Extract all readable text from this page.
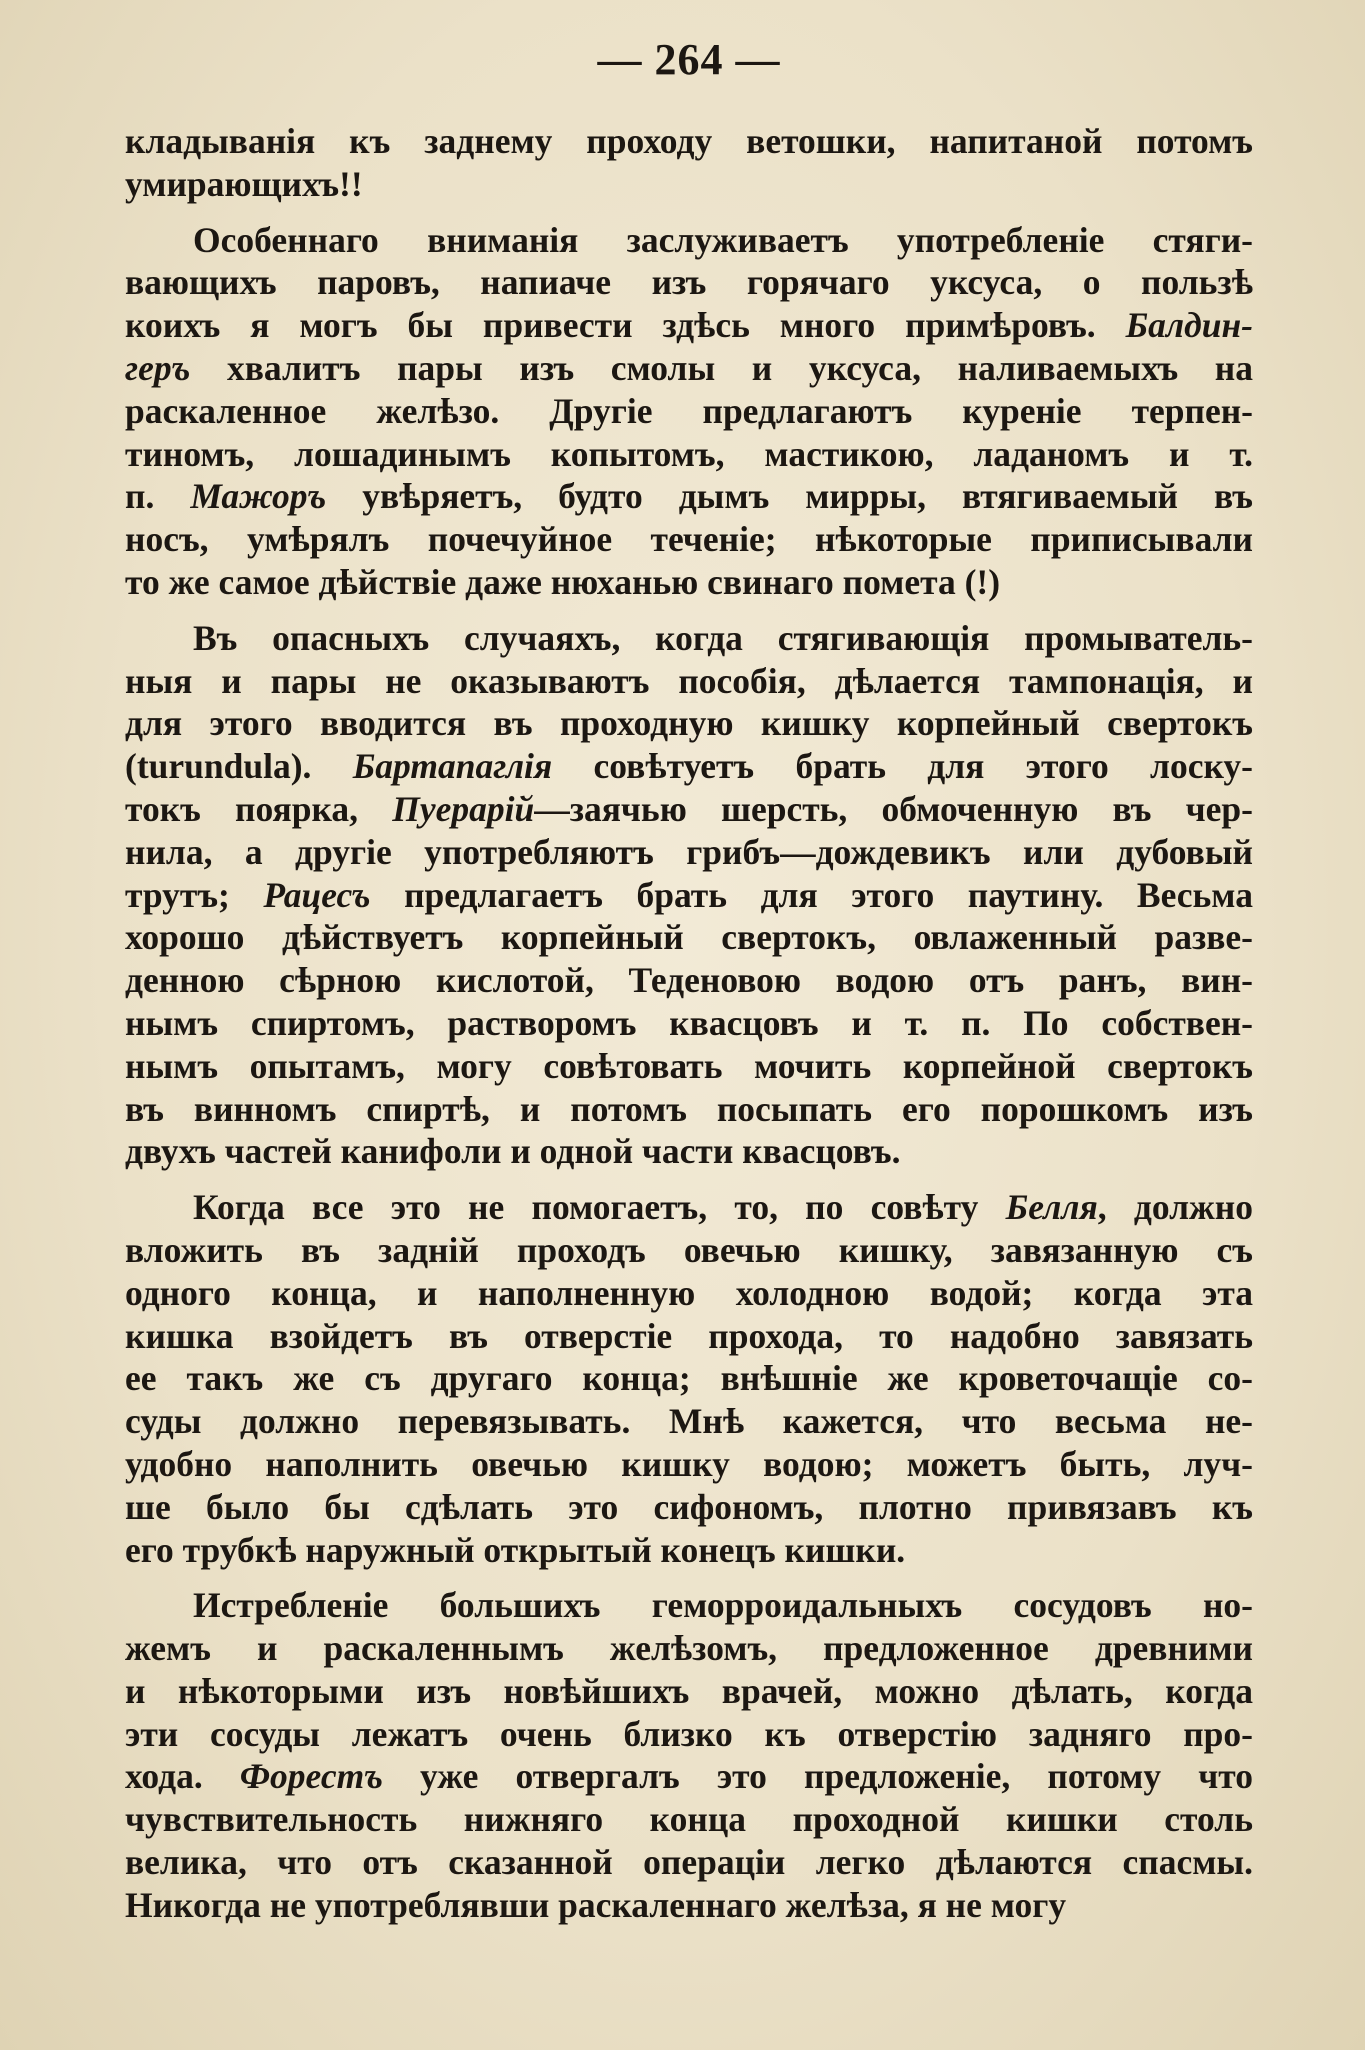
— 264 —
кладыванія къ заднему проходу ветошки, напитаной потомъ
умирающихъ!!
Особеннаго вниманія заслуживаетъ употребленіе стяги-
вающихъ паровъ, напиаче изъ горячаго уксуса, о пользѣ
коихъ я могъ бы привести здѣсь много примѣровъ. Балдин-
геръ хвалитъ пары изъ смолы и уксуса, наливаемыхъ на
раскаленное желѣзо. Другіе предлагаютъ куреніе терпен-
тиномъ, лошадинымъ копытомъ, мастикою, ладаномъ и т.
п. Мажоръ увѣряетъ, будто дымъ мирры, втягиваемый въ
носъ, умѣрялъ почечуйное теченіе; нѣкоторые приписывали
то же самое дѣйствіе даже нюханью свинаго помета (!)
Въ опасныхъ случаяхъ, когда стягивающія промыватель-
ныя и пары не оказываютъ пособія, дѣлается тампонація, и
для этого вводится въ проходную кишку корпейный свертокъ
(turundula). Бартапаглія совѣтуетъ брать для этого лоску-
токъ поярка, Пуерарій—заячью шерсть, обмоченную въ чер-
нила, а другіе употребляютъ грибъ—дождевикъ или дубовый
трутъ; Рацесъ предлагаетъ брать для этого паутину. Весьма
хорошо дѣйствуетъ корпейный свертокъ, овлаженный разве-
денною сѣрною кислотой, Теденовою водою отъ ранъ, вин-
нымъ спиртомъ, растворомъ квасцовъ и т. п. По собствен-
нымъ опытамъ, могу совѣтовать мочить корпейной свертокъ
въ винномъ спиртѣ, и потомъ посыпать его порошкомъ изъ
двухъ частей канифоли и одной части квасцовъ.
Когда все это не помогаетъ, то, по совѣту Белля, должно
вложить въ задній проходъ овечью кишку, завязанную съ
одного конца, и наполненную холодною водой; когда эта
кишка взойдетъ въ отверстіе прохода, то надобно завязать
ее такъ же съ другаго конца; внѣшніе же кроветочащіе со-
суды должно перевязывать. Мнѣ кажется, что весьма не-
удобно наполнить овечью кишку водою; можетъ быть, луч-
ше было бы сдѣлать это сифономъ, плотно привязавъ къ
его трубкѣ наружный открытый конецъ кишки.
Истребленіе большихъ геморроидальныхъ сосудовъ но-
жемъ и раскаленнымъ желѣзомъ, предложенное древними
и нѣкоторыми изъ новѣйшихъ врачей, можно дѣлать, когда
эти сосуды лежатъ очень близко къ отверстію задняго про-
хода. Форестъ уже отвергалъ это предложеніе, потому что
чувствительность нижняго конца проходной кишки столь
велика, что отъ сказанной операціи легко дѣлаются спасмы.
Никогда не употреблявши раскаленнаго желѣза, я не могу
